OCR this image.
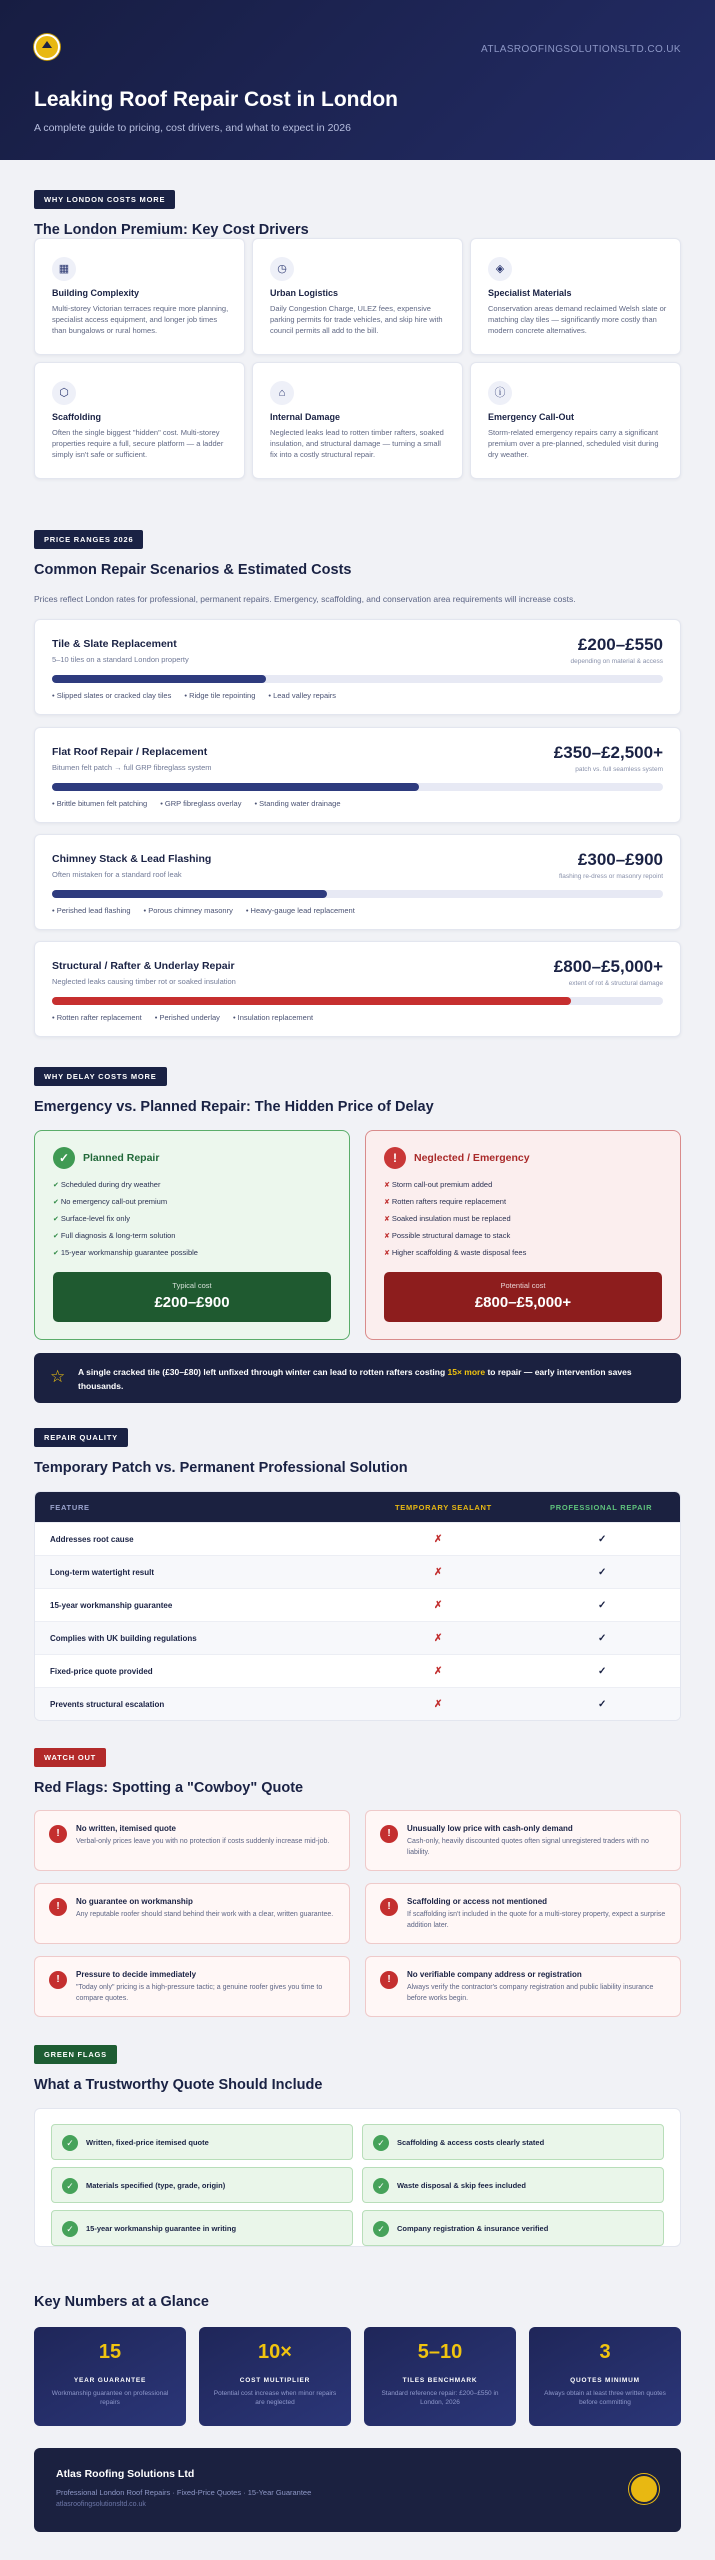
ATLASROOFINGSOLUTIONSLTD.CO.UK
Leaking Roof Repair Cost in London

A complete guide to pricing, cost drivers, and what to expect in 2026

WHY LONDON COSTS MORE
The London Premium: Key Cost Drivers
▦
Building Complexity
Multi-storey Victorian terraces require more planning, specialist access equipment, and longer job times than bungalows or rural homes.
◷
Urban Logistics
Daily Congestion Charge, ULEZ fees, expensive parking permits for trade vehicles, and skip hire with council permits all add to the bill.
◈
Specialist Materials
Conservation areas demand reclaimed Welsh slate or matching clay tiles — significantly more costly than modern concrete alternatives.
⬡
Scaffolding
Often the single biggest "hidden" cost. Multi-storey properties require a full, secure platform — a ladder simply isn't safe or sufficient.
⌂
Internal Damage
Neglected leaks lead to rotten timber rafters, soaked insulation, and structural damage — turning a small fix into a costly structural repair.
ⓘ
Emergency Call-Out
Storm-related emergency repairs carry a significant premium over a pre-planned, scheduled visit during dry weather.
PRICE RANGES 2026
Common Repair Scenarios & Estimated Costs
Prices reflect London rates for professional, permanent repairs. Emergency, scaffolding, and conservation area requirements will increase costs.
Tile & Slate Replacement
5–10 tiles on a standard London property
£200–£550
depending on material & access
• Slipped slates or cracked clay tiles • Ridge tile repointing • Lead valley repairs
Flat Roof Repair / Replacement
Bitumen felt patch → full GRP fibreglass system
£350–£2,500+
patch vs. full seamless system
• Brittle bitumen felt patching • GRP fibreglass overlay • Standing water drainage
Chimney Stack & Lead Flashing
Often mistaken for a standard roof leak
£300–£900
flashing re-dress or masonry repoint
• Perished lead flashing • Porous chimney masonry • Heavy-gauge lead replacement
Structural / Rafter & Underlay Repair
Neglected leaks causing timber rot or soaked insulation
£800–£5,000+
extent of rot & structural damage
• Rotten rafter replacement • Perished underlay • Insulation replacement
WHY DELAY COSTS MORE
Emergency vs. Planned Repair: The Hidden Price of Delay
✓	Planned Repair
✔ Scheduled during dry weather
✔ No emergency call-out premium
✔ Surface-level fix only
✔ Full diagnosis & long-term solution
✔ 15-year workmanship guarantee possible
Typical cost
£200–£900
!	Neglected / Emergency
✘ Storm call-out premium added
✘ Rotten rafters require replacement
✘ Soaked insulation must be replaced
✘ Possible structural damage to stack
✘ Higher scaffolding & waste disposal fees
Potential cost
£800–£5,000+
☆ A single cracked tile (£30–£80) left unfixed through winter can lead to rotten rafters costing 15× more to repair — early intervention saves thousands.
REPAIR QUALITY
Temporary Patch vs. Permanent Professional Solution
FEATURE	TEMPORARY SEALANT	PROFESSIONAL REPAIR
Addresses root cause	✗	✓
Long-term watertight result	✗	✓
15-year workmanship guarantee	✗	✓
Complies with UK building regulations	✗	✓
Fixed-price quote provided	✗	✓
Prevents structural escalation	✗	✓
WATCH OUT
Red Flags: Spotting a "Cowboy" Quote
!	No written, itemised quote
Verbal-only prices leave you with no protection if costs suddenly increase mid-job.
!	Unusually low price with cash-only demand
Cash-only, heavily discounted quotes often signal unregistered traders with no liability.
!	No guarantee on workmanship
Any reputable roofer should stand behind their work with a clear, written guarantee.
!	Scaffolding or access not mentioned
If scaffolding isn't included in the quote for a multi-storey property, expect a surprise addition later.
!	Pressure to decide immediately
"Today only" pricing is a high-pressure tactic; a genuine roofer gives you time to compare quotes.
!	No verifiable company address or registration
Always verify the contractor's company registration and public liability insurance before works begin.
GREEN FLAGS
What a Trustworthy Quote Should Include
✓	Written, fixed-price itemised quote	✓	Scaffolding & access costs clearly stated
✓	Materials specified (type, grade, origin)	✓	Waste disposal & skip fees included
✓	15-year workmanship guarantee in writing	✓	Company registration & insurance verified
Key Numbers at a Glance
15
YEAR GUARANTEE
Workmanship guarantee on professional repairs
10×
COST MULTIPLIER
Potential cost increase when minor repairs are neglected
5–10
TILES BENCHMARK
Standard reference repair: £200–£550 in London, 2026
3
QUOTES MINIMUM
Always obtain at least three written quotes before committing
Atlas Roofing Solutions Ltd
Professional London Roof Repairs · Fixed-Price Quotes · 15-Year Guarantee
atlasroofingsolutionsltd.co.uk
